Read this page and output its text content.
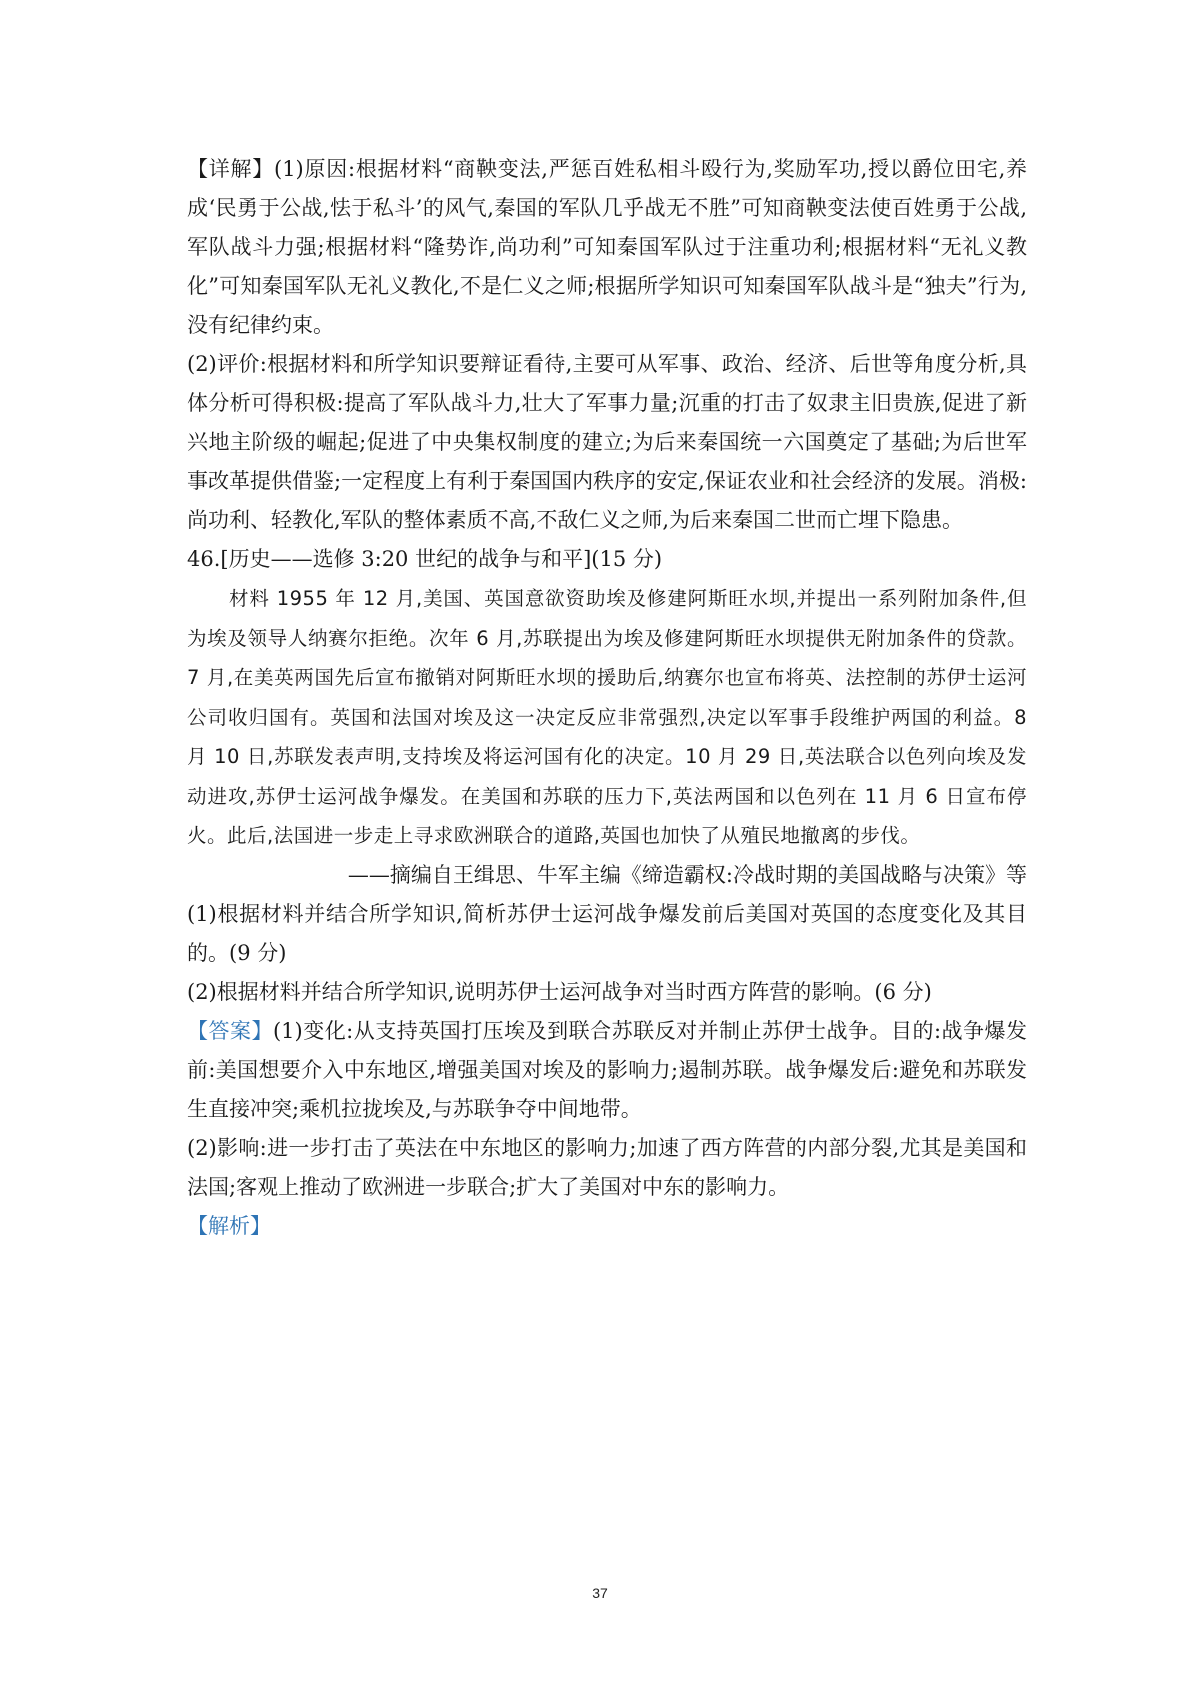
【详解】(1)原因:根据材料“商鞅变法,严惩百姓私相斗殴行为,奖励军功,授以爵位田宅,养成‘民勇于公战,怯于私斗’的风气,秦国的军队几乎战无不胜”可知商鞅变法使百姓勇于公战,军队战斗力强;根据材料“隆势诈,尚功利”可知秦国军队过于注重功利;根据材料“无礼义教化”可知秦国军队无礼义教化,不是仁义之师;根据所学知识可知秦国军队战斗是“独夫”行为,没有纪律约束。

(2)评价:根据材料和所学知识要辩证看待,主要可从军事、政治、经济、后世等角度分析,具体分析可得积极:提高了军队战斗力,壮大了军事力量;沉重的打击了奴隶主旧贵族,促进了新兴地主阶级的崛起;促进了中央集权制度的建立;为后来秦国统一六国奠定了基础;为后世军事改革提供借鉴;一定程度上有利于秦国国内秩序的安定,保证农业和社会经济的发展。消极:尚功利、轻教化,军队的整体素质不高,不敌仁义之师,为后来秦国二世而亡埋下隐患。

46.[历史——选修 3:20 世纪的战争与和平](15 分)

材料 1955 年 12 月,美国、英国意欲资助埃及修建阿斯旺水坝,并提出一系列附加条件,但为埃及领导人纳赛尔拒绝。次年 6 月,苏联提出为埃及修建阿斯旺水坝提供无附加条件的贷款。7 月,在美英两国先后宣布撤销对阿斯旺水坝的援助后,纳赛尔也宣布将英、法控制的苏伊士运河公司收归国有。英国和法国对埃及这一决定反应非常强烈,决定以军事手段维护两国的利益。8 月 10 日,苏联发表声明,支持埃及将运河国有化的决定。10 月 29 日,英法联合以色列向埃及发动进攻,苏伊士运河战争爆发。在美国和苏联的压力下,英法两国和以色列在 11 月 6 日宣布停火。此后,法国进一步走上寻求欧洲联合的道路,英国也加快了从殖民地撤离的步伐。

——摘编自王缉思、牛军主编《缔造霸权:冷战时期的美国战略与决策》等

(1)根据材料并结合所学知识,简析苏伊士运河战争爆发前后美国对英国的态度变化及其目的。(9 分)

(2)根据材料并结合所学知识,说明苏伊士运河战争对当时西方阵营的影响。(6 分)

【答案】(1)变化:从支持英国打压埃及到联合苏联反对并制止苏伊士战争。目的:战争爆发前:美国想要介入中东地区,增强美国对埃及的影响力;遏制苏联。战争爆发后:避免和苏联发生直接冲突;乘机拉拢埃及,与苏联争夺中间地带。

(2)影响:进一步打击了英法在中东地区的影响力;加速了西方阵营的内部分裂,尤其是美国和法国;客观上推动了欧洲进一步联合;扩大了美国对中东的影响力。

【解析】

37
